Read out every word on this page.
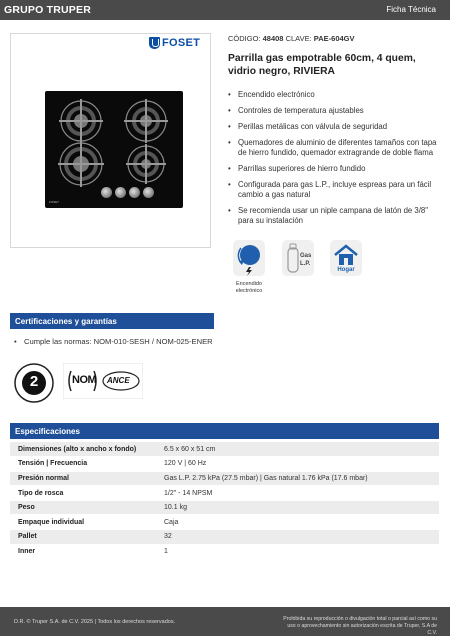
GRUPO TRUPER	Ficha Técnica
FOSET
FOSET
CÓDIGO: 48408 CLAVE: PAE-604GV
Parrilla gas empotrable 60cm, 4 quem, vidrio negro, RIVIERA
• Encendido electrónico
• Controles de temperatura ajustables
• Perillas metálicas con válvula de seguridad
• Quemadores de aluminio de diferentes tamaños con tapa de hierro fundido, quemador extragrande de doble flama
• Parrillas superiores de hierro fundido
• Configurada para gas L.P., incluye espreas para un fácil cambio a gas natural
• Se recomienda usar un niple campana de latón de 3/8" para su instalación
Encendido electrónico
Gas L.P.
Hogar
Certificaciones y garantías
• Cumple las normas: NOM-010-SESH / NOM-025-ENER
2	NOM ANCE
Especificaciones
Dimensiones (alto x ancho x fondo)	6.5 x 60 x 51 cm
Tensión | Frecuencia	120 V | 60 Hz
Presión normal	Gas L.P. 2.75 kPa (27.5 mbar) | Gas natural 1.76 kPa (17.6 mbar)
Tipo de rosca	1/2" - 14 NPSM
Peso	10.1 kg
Empaque individual	Caja
Pallet	32
Inner	1
D.R. © Truper S.A. de C.V. 2025 | Todos los derechos reservados.	Prohibida su reproducción o divulgación total o parcial así como su uso o aprovechamiento sin autorización escrita de Truper, S.A de C.V.
